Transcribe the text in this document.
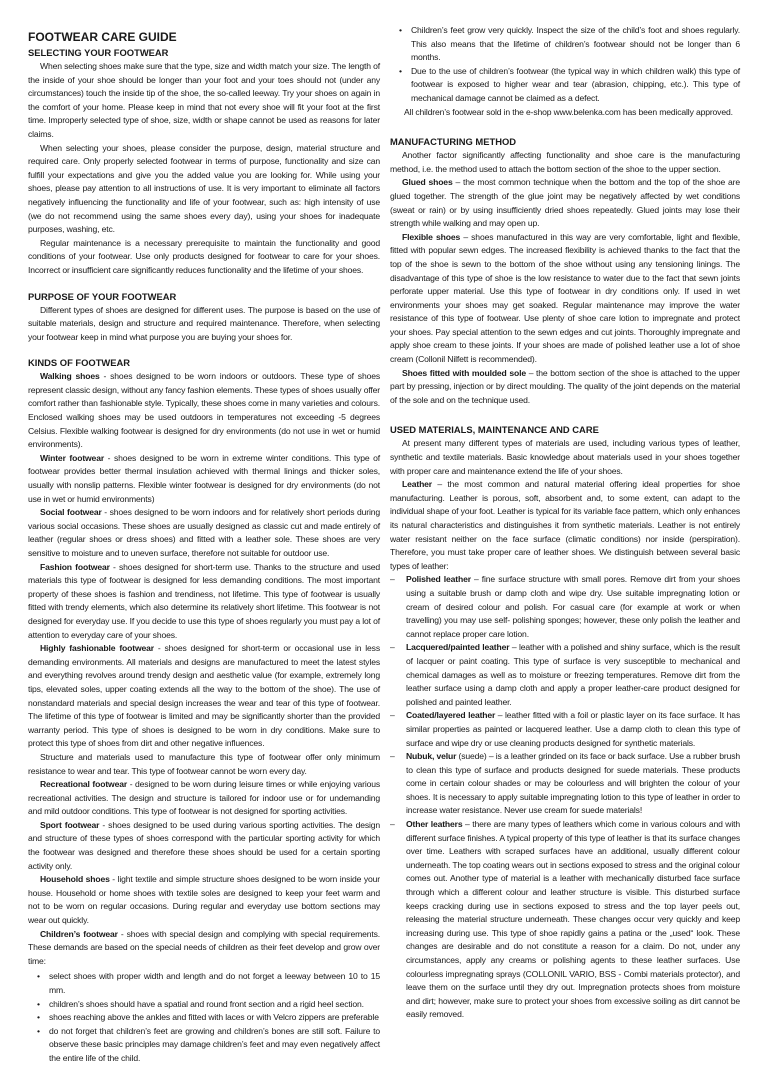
FOOTWEAR CARE GUIDE
SELECTING YOUR FOOTWEAR

When selecting shoes make sure that the type, size and width match your size. The length of the inside of your shoe should be longer than your foot and your toes should not (under any circumstances) touch the inside tip of the shoe, the so-called leeway. Try your shoes on again in the comfort of your home. Please keep in mind that not every shoe will fit your foot at the first time. Improperly selected type of shoe, size, width or shape cannot be used as reasons for later claims.

When selecting your shoes, please consider the purpose, design, material structure and required care. Only properly selected footwear in terms of purpose, functionality and size can fulfill your expectations and give you the added value you are looking for. While using your shoes, please pay attention to all instructions of use. It is very important to eliminate all factors negatively influencing the functionality and life of your footwear, such as: high intensity of use (we do not recommend using the same shoes every day), using your shoes for inadequate purposes, washing, etc.

Regular maintenance is a necessary prerequisite to maintain the functionality and good conditions of your footwear. Use only products designed for footwear to care for your shoes. Incorrect or insufficient care significantly reduces functionality and the lifetime of your shoes.

PURPOSE OF YOUR FOOTWEAR

Different types of shoes are designed for different uses. The purpose is based on the use of suitable materials, design and structure and required maintenance. Therefore, when selecting your footwear keep in mind what purpose you are buying your shoes for.

KINDS OF FOOTWEAR

Walking shoes - shoes designed to be worn indoors or outdoors. These type of shoes represent classic design, without any fancy fashion elements. These types of shoes usually offer comfort rather than fashionable style. Typically, these shoes come in many varieties and colours. Enclosed walking shoes may be used outdoors in temperatures not exceeding -5 degrees Celsius. Flexible walking footwear is designed for dry environments (do not use in wet or humid environments).

Winter footwear - shoes designed to be worn in extreme winter conditions. This type of footwear provides better thermal insulation achieved with thermal linings and thicker soles, usually with nonslip patterns. Flexible winter footwear is designed for dry environments (do not use in wet or humid environments)

Social footwear - shoes designed to be worn indoors and for relatively short periods during various social occasions. These shoes are usually designed as classic cut and made entirely of leather (regular shoes or dress shoes) and fitted with a leather sole. These shoes are very sensitive to moisture and to uneven surface, therefore not suitable for outdoor use.

Fashion footwear - shoes designed for short-term use. Thanks to the structure and used materials this type of footwear is designed for less demanding conditions. The most important property of these shoes is fashion and trendiness, not lifetime. This type of footwear is usually fitted with trendy elements, which also determine its relatively short lifetime. This footwear is not designed for everyday use. If you decide to use this type of shoes regularly you must pay a lot of attention to everyday care of your shoes.

Highly fashionable footwear - shoes designed for short-term or occasional use in less demanding environments. All materials and designs are manufactured to meet the latest styles and everything revolves around trendy design and aesthetic value (for example, extremely long tips, elevated soles, upper coating extends all the way to the bottom of the shoe). The use of nonstandard materials and special design increases the wear and tear of this type of footwear. The lifetime of this type of footwear is limited and may be significantly shorter than the provided warranty period. This type of shoes is designed to be worn in dry conditions. Make sure to protect this type of shoes from dirt and other negative influences.

Structure and materials used to manufacture this type of footwear offer only minimum resistance to wear and tear. This type of footwear cannot be worn every day.

Recreational footwear - designed to be worn during leisure times or while enjoying various recreational activities. The design and structure is tailored for indoor use or for undemanding and mild outdoor conditions. This type of footwear is not designed for sporting activities.

Sport footwear - shoes designed to be used during various sporting activities. The design and structure of these types of shoes correspond with the particular sporting activity for which the footwear was designed and therefore these shoes should be used for a certain sporting activity only.

Household shoes - light textile and simple structure shoes designed to be worn inside your house. Household or home shoes with textile soles are designed to keep your feet warm and not to be worn on regular occasions. During regular and everyday use bottom sections may wear out quickly.

Children’s footwear - shoes with special design and complying with special requirements. These demands are based on the special needs of children as their feet develop and grow over time:

• select shoes with proper width and length and do not forget a leeway between 10 to 15 mm.
• children’s shoes should have a spatial and round front section and a rigid heel section.
• shoes reaching above the ankles and fitted with laces or with Velcro zippers are preferable
• do not forget that children’s feet are growing and children’s bones are still soft. Failure to observe these basic principles may damage children’s feet and may even negatively affect the entire life of the child.
• Children’s feet grow very quickly. Inspect the size of the child’s foot and shoes regularly. This also means that the lifetime of children’s footwear should not be longer than 6 months.
• Due to the use of children’s footwear (the typical way in which children walk) this type of footwear is exposed to higher wear and tear (abrasion, chipping, etc.). This type of mechanical damage cannot be claimed as a defect.

All children’s footwear sold in the e-shop www.belenka.com has been medically approved.

MANUFACTURING METHOD

Another factor significantly affecting functionality and shoe care is the manufacturing method, i.e. the method used to attach the bottom section of the shoe to the upper section.

Glued shoes – the most common technique when the bottom and the top of the shoe are glued together. The strength of the glue joint may be negatively affected by wet conditions (sweat or rain) or by using insufficiently dried shoes repeatedly. Glued joints may lose their strength while walking and may open up.

Flexible shoes – shoes manufactured in this way are very comfortable, light and flexible, fitted with popular sewn edges. The increased flexibility is achieved thanks to the fact that the top of the shoe is sewn to the bottom of the shoe without using any tensioning linings. The disadvantage of this type of shoe is the low resistance to water due to the fact that sewn joints perforate upper material. Use this type of footwear in dry conditions only. If used in wet environments your shoes may get soaked. Regular maintenance may improve the water resistance of this type of footwear. Use plenty of shoe care lotion to impregnate and protect your shoes. Pay special attention to the sewn edges and cut joints. Thoroughly impregnate and apply shoe cream to these joints. If your shoes are made of polished leather use a lot of shoe cream (Collonil Nilfett is recommended).

Shoes fitted with moulded sole – the bottom section of the shoe is attached to the upper part by pressing, injection or by direct moulding. The quality of the joint depends on the material of the sole and on the technique used.

USED MATERIALS, MAINTENANCE AND CARE

At present many different types of materials are used, including various types of leather, synthetic and textile materials. Basic knowledge about materials used in your shoes together with proper care and maintenance extend the life of your shoes.

Leather – the most common and natural material offering ideal properties for shoe manufacturing. Leather is porous, soft, absorbent and, to some extent, can adapt to the individual shape of your foot. Leather is typical for its variable face pattern, which only enhances its natural characteristics and distinguishes it from synthetic materials. Leather is not entirely water resistant neither on the face surface (climatic conditions) nor inside (perspiration). Therefore, you must take proper care of leather shoes. We distinguish between several basic types of leather:

– Polished leather – fine surface structure with small pores. Remove dirt from your shoes using a suitable brush or damp cloth and wipe dry. Use suitable impregnating lotion or cream of desired colour and polish. For casual care (for example at work or when travelling) you may use self- polishing sponges; however, these only polish the leather and cannot replace proper care lotion.
– Lacquered/painted leather – leather with a polished and shiny surface, which is the result of lacquer or paint coating. This type of surface is very susceptible to mechanical and chemical damages as well as to moisture or freezing temperatures. Remove dirt from the leather surface using a damp cloth and apply a proper leather-care product designed for polished and painted leather.
– Coated/layered leather – leather fitted with a foil or plastic layer on its face surface. It has similar properties as painted or lacquered leather. Use a damp cloth to clean this type of surface and wipe dry or use cleaning products designed for synthetic materials.
– Nubuk, velur (suede) – is a leather grinded on its face or back surface. Use a rubber brush to clean this type of surface and products designed for suede materials. These products come in certain colour shades or may be colourless and will brighten the colour of your shoes. It is necessary to apply suitable impregnating lotion to this type of leather in order to increase water resistance. Never use cream for suede materials!
– Other leathers – there are many types of leathers which come in various colours and with different surface finishes. A typical property of this type of leather is that its surface changes over time. Leathers with scraped surfaces have an additional, usually different colour underneath. The top coating wears out in sections exposed to stress and the original colour comes out. Another type of material is a leather with mechanically disturbed face surface through which a different colour and leather structure is visible. This disturbed surface keeps cracking during use in sections exposed to stress and the top layer peels out, releasing the material structure underneath. These changes occur very quickly and keep increasing during use. This type of shoe rapidly gains a patina or the „used“ look. These changes are desirable and do not constitute a reason for a claim. Do not, under any circumstances, apply any creams or polishing agents to these leather surfaces. Use colourless impregnating sprays (COLLONIL VARIO, BSS - Combi materials protector), and leave them on the surface until they dry out. Impregnation protects shoes from moisture and dirt; however, make sure to protect your shoes from excessive soiling as dirt cannot be easily removed.
